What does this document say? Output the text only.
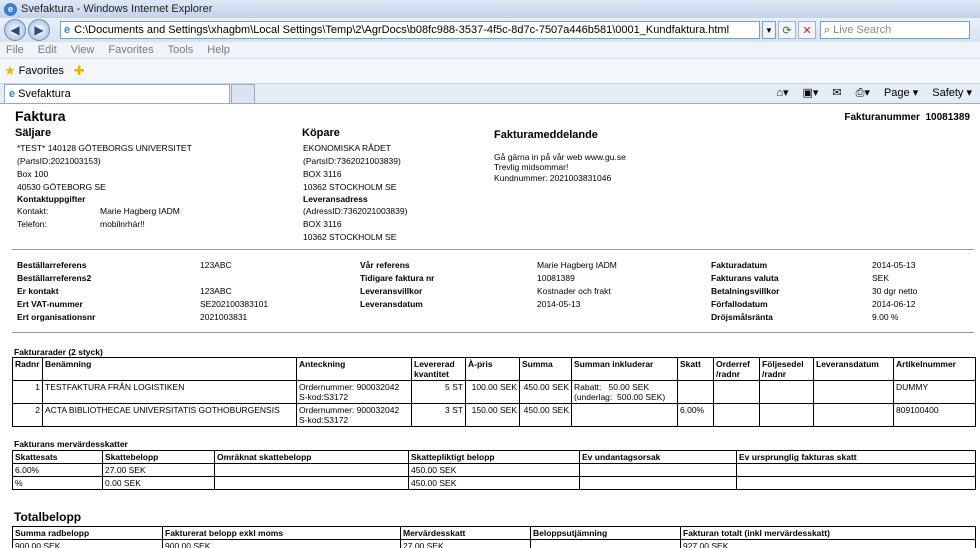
e Svefaktura - Windows Internet Explorer
◀	▶	e C:\Documents and Settings\xhagbm\Local Settings\Temp\2\AgrDocs\b08fc988-3537-4f5c-8d7c-7507a446b581\0001_Kundfaktura.html	▼ ⟳ ✕	⌕ Live Search
File Edit View Favorites Tools Help
★ Favorites ✚
e Svefaktura	⌂▾ ▣▾ ✉ ⎙▾ Page ▾ Safety ▾
Faktura	Fakturanummer 10081389
Säljare
*TEST* 140128 GÖTEBORGS UNIVERSITET
(PartsID:2021003153)
Box 100
40530 GÖTEBORG SE
Kontaktuppgifter
Kontakt:	Marie Hagberg IADM
Telefon:	mobilnrhär!!
Köpare
EKONOMISKA RÅDET
(PartsID:7362021003839)
BOX 3116
10362 STOCKHOLM SE
Leveransadress
(AdressID:7362021003839)
BOX 3116
10362 STOCKHOLM SE
Fakturameddelande
Gå gärna in på vår web www.gu.se
Trevlig midsommar!
Kundnummer: 2021003831046
Beställarreferens	123ABC
Beställarreferens2
Er kontakt	123ABC
Ert VAT-nummer	SE202100383101
Ert organisationsnr	2021003831
Vår referens	Marie Hagberg IADM
Tidigare faktura nr	10081389
Leveransvillkor	Kostnader och frakt
Leveransdatum	2014-05-13
Fakturadatum	2014-05-13
Fakturans valuta	SEK
Betalningsvillkor	30 dgr netto
Förfallodatum	2014-06-12
Dröjsmålsränta	9.00 %
Fakturarader (2 styck)
Radnr	Benämning	Anteckning	Levererad kvantitet	À-pris	Summa	Summan inkluderar	Skatt	Orderref /radnr	Följesedel /radnr	Leveransdatum	Artikelnummer
1	TESTFAKTURA FRÅN LOGISTIKEN	Ordernummer: 900032042
S-kod:S3172	5 ST	100.00 SEK	450.00 SEK	Rabatt:   50.00 SEK
(underlag:  500.00 SEK)					DUMMY
2	ACTA BIBLIOTHECAE UNIVERSITATIS GOTHOBURGENSIS	Ordernummer: 900032042
S-kod:S3172	3 ST	150.00 SEK	450.00 SEK		6.00%				809100400
Fakturans mervärdesskatter
Skattesats	Skattebelopp	Omräknat skattebelopp	Skattepliktigt belopp	Ev undantagsorsak	Ev ursprunglig fakturas skatt
6.00%	27.00 SEK		450.00 SEK		
%	0.00 SEK		450.00 SEK		
Totalbelopp
Summa radbelopp	Fakturerat belopp exkl moms	Mervärdesskatt	Beloppsutjämning	Fakturan totalt (inkl mervärdesskatt)
900.00 SEK	900.00 SEK	27.00 SEK		927.00 SEK
